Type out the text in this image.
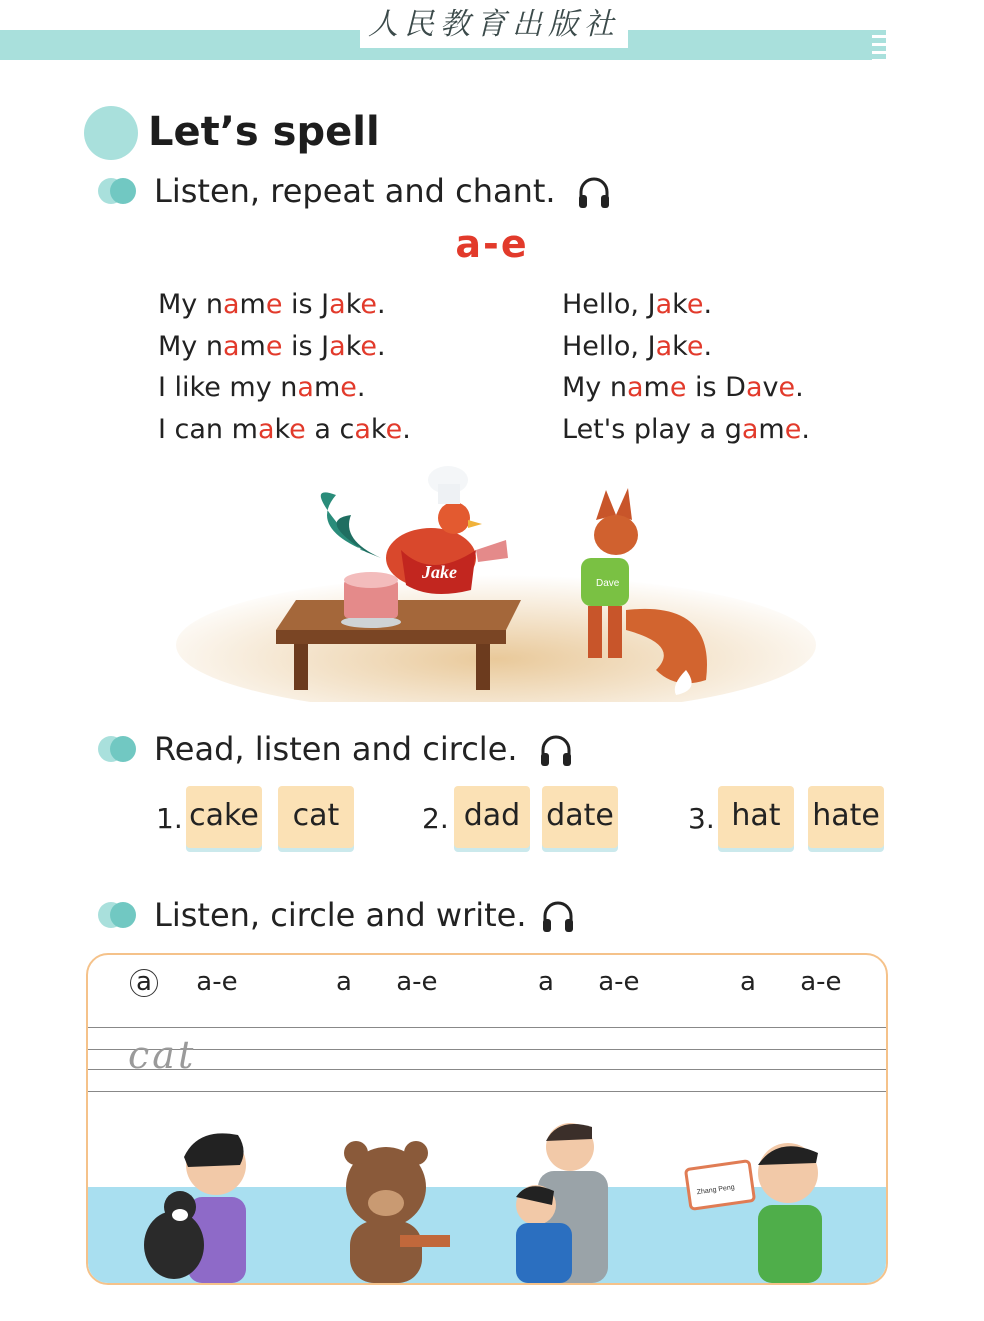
人民教育出版社
Let’s spell
Listen, repeat and chant.
a-e
My name is Jake.
My name is Jake.
I like my name.
I can make a cake.
Hello, Jake.
Hello, Jake.
My name is Dave.
Let's play a game.
Jake
Dave
Read, listen and circle.
1. cake	cat	2. dad date	3. hat	hate
Listen, circle and write.
a a-e	a a-e	a a-e	a a-e
cat
Zhang Peng
